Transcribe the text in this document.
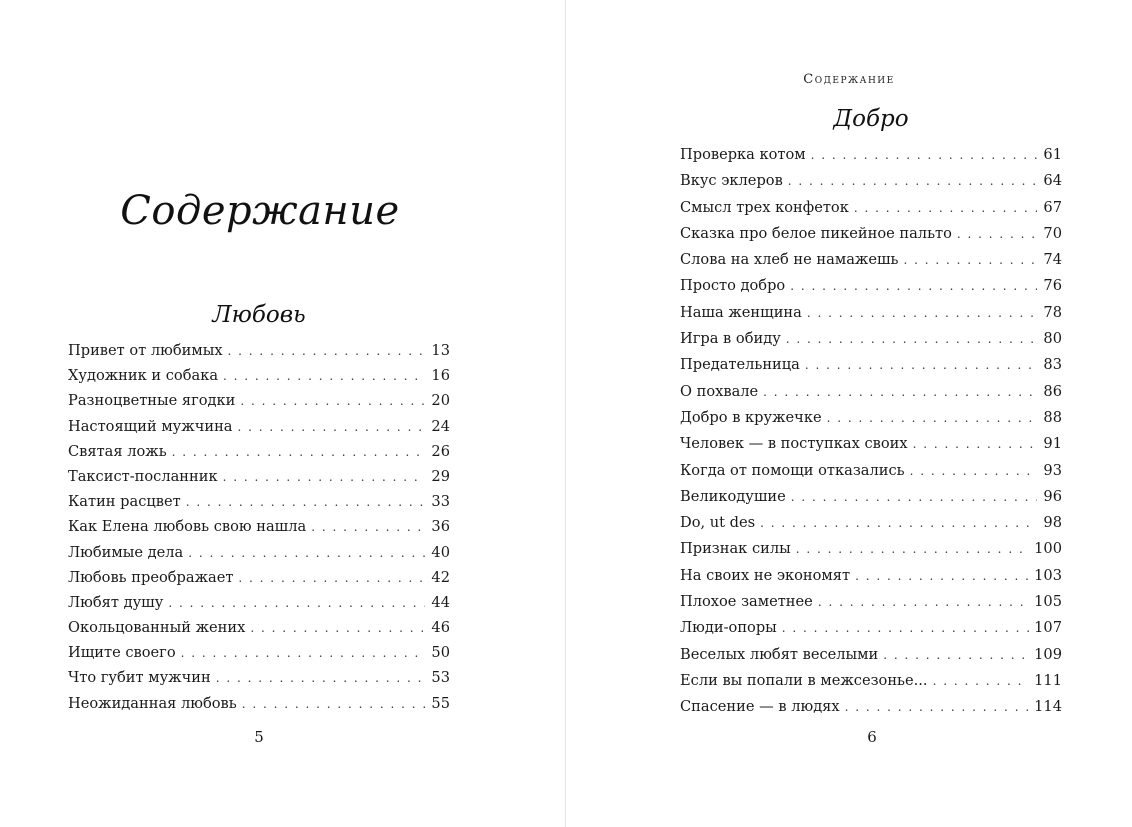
Содержание
Любовь
Привет от любимых . . .	13
Художник и собака . . .	16
Разноцветные ягодки . . .	20
Настоящий мужчина . . .	24
Святая ложь . . .	26
Таксист-посланник . . .	29
Катин расцвет . . .	33
Как Елена любовь свою нашла . . .	36
Любимые дела . . .	40
Любовь преображает . . .	42
Любят душу . . .	44
Окольцованный жених . . .	46
Ищите своего . . .	50
Что губит мужчин . . .	53
Неожиданная любовь . . .	55
5
Содержание
Добро
Проверка котом . . .	61
Вкус эклеров . . .	64
Смысл трех конфеток . . .	67
Сказка про белое пикейное пальто . . .	70
Слова на хлеб не намажешь . . .	74
Просто добро . . .	76
Наша женщина . . .	78
Игра в обиду . . .	80
Предательница . . .	83
О похвале . . .	86
Добро в кружечке . . .	88
Человек — в поступках своих . . .	91
Когда от помощи отказались . . .	93
Великодушие . . .	96
Do, ut des . . .	98
Признак силы . . .	100
На своих не экономят . . .	103
Плохое заметнее . . .	105
Люди-опоры . . .	107
Веселых любят веселыми . . .	109
Если вы попали в межсезонье... . . .	111
Спасение — в людях . . .	114
6
